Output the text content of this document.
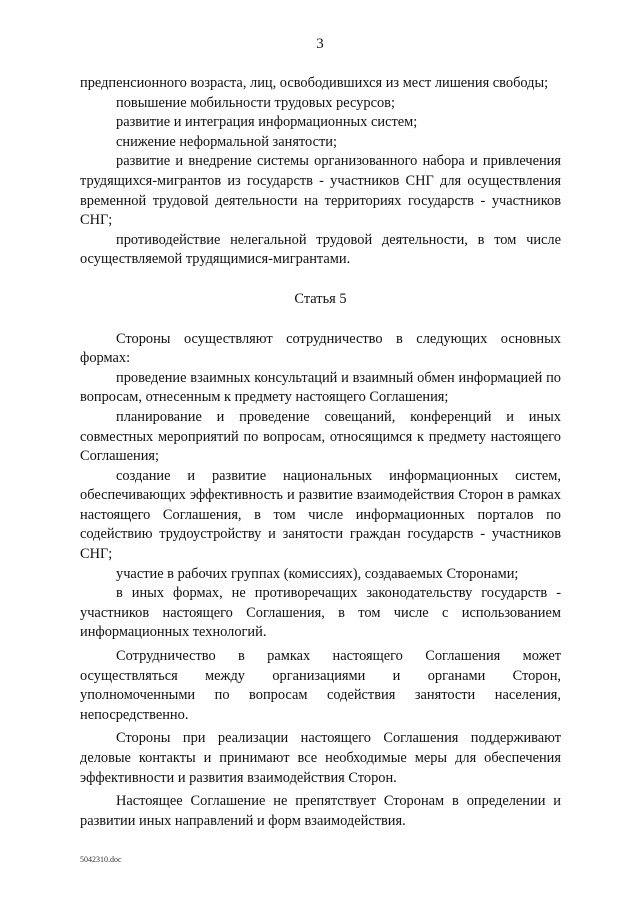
3

предпенсионного возраста, лиц, освободившихся из мест лишения свободы;

повышение мобильности трудовых ресурсов;

развитие и интеграция информационных систем;

снижение неформальной занятости;

развитие и внедрение системы организованного набора и привлечения трудящихся-мигрантов из государств - участников СНГ для осуществления временной трудовой деятельности на территориях государств - участников СНГ;

противодействие нелегальной трудовой деятельности, в том числе осуществляемой трудящимися-мигрантами.

Статья 5

Стороны осуществляют сотрудничество в следующих основных формах:

проведение взаимных консультаций и взаимный обмен информацией по вопросам, отнесенным к предмету настоящего Соглашения;

планирование и проведение совещаний, конференций и иных совместных мероприятий по вопросам, относящимся к предмету настоящего Соглашения;

создание и развитие национальных информационных систем, обеспечивающих эффективность и развитие взаимодействия Сторон в рамках настоящего Соглашения, в том числе информационных порталов по содействию трудоустройству и занятости граждан государств - участников СНГ;

участие в рабочих группах (комиссиях), создаваемых Сторонами;

в иных формах, не противоречащих законодательству государств - участников настоящего Соглашения, в том числе с использованием информационных технологий.

Сотрудничество в рамках настоящего Соглашения может осуществляться между организациями и органами Сторон, уполномоченными по вопросам содействия занятости населения, непосредственно.

Стороны при реализации настоящего Соглашения поддерживают деловые контакты и принимают все необходимые меры для обеспечения эффективности и развития взаимодействия Сторон.

Настоящее Соглашение не препятствует Сторонам в определении и развитии иных направлений и форм взаимодействия.

5042310.doc
